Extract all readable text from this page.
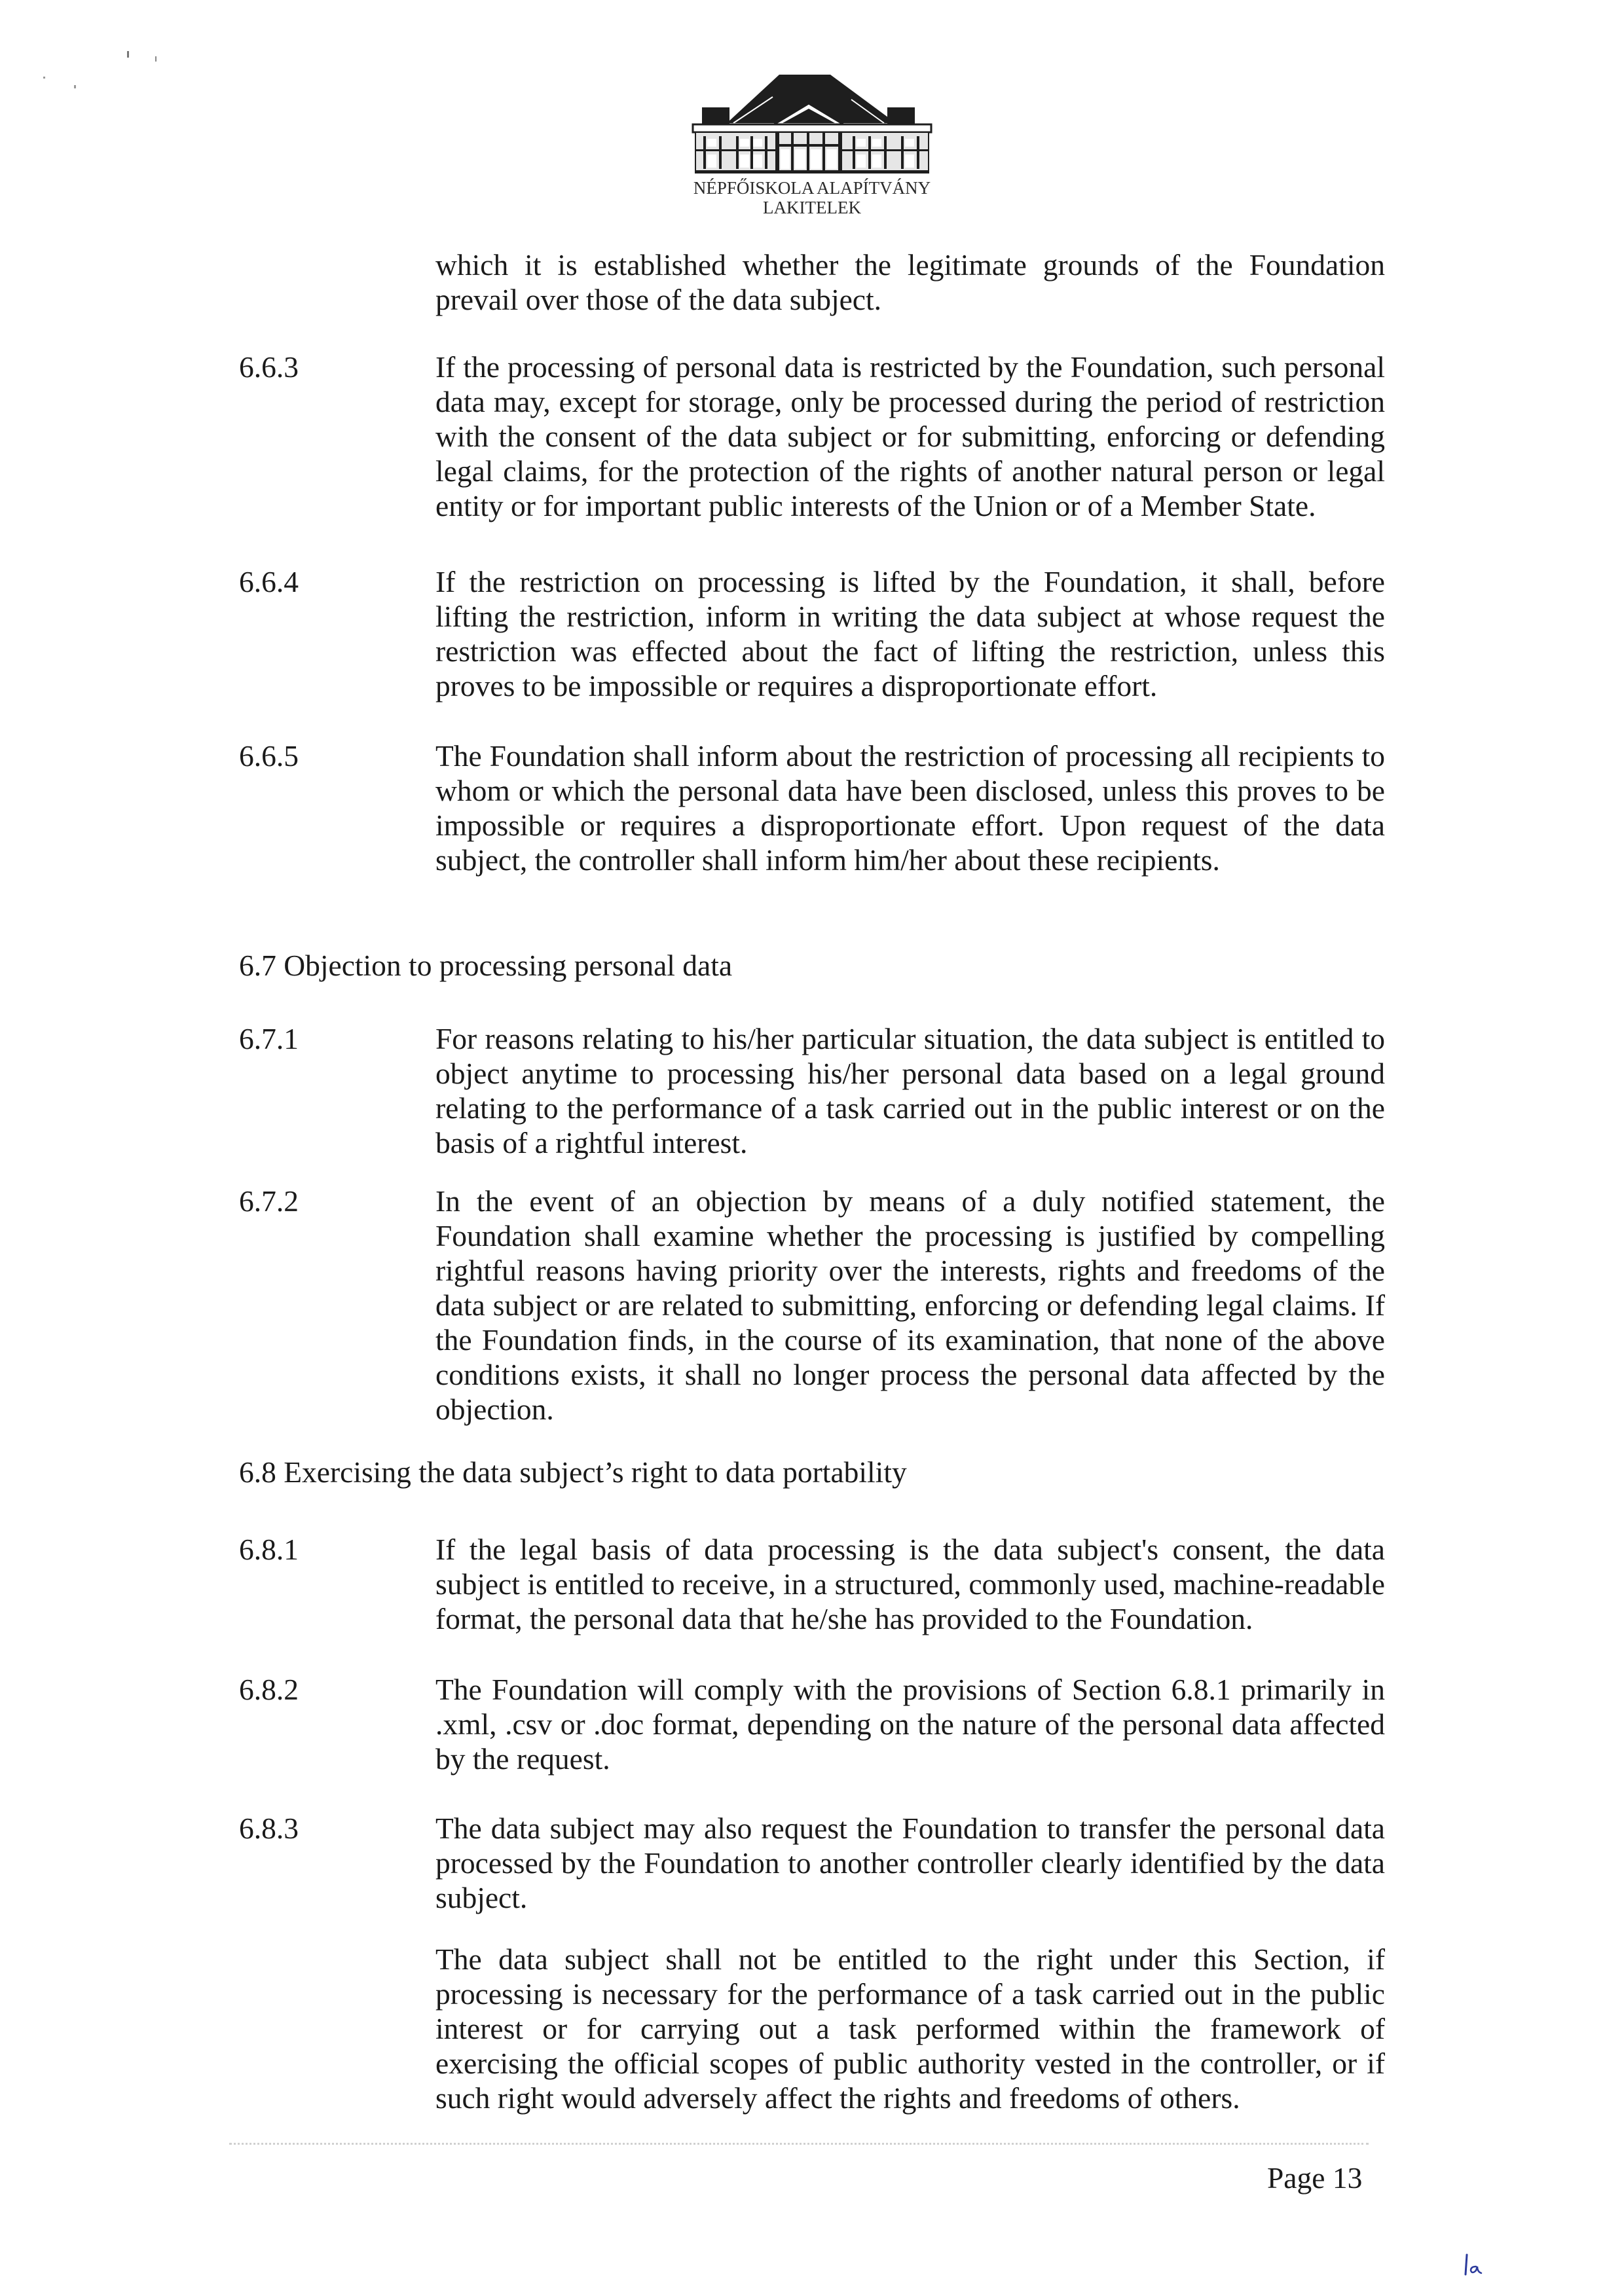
NÉPFŐISKOLA ALAPÍTVÁNY
LAKITELEK
which it is established whether the legitimate grounds of the Foundation prevail over those of the data subject.
6.6.3	If the processing of personal data is restricted by the Foundation, such personal data may, except for storage, only be processed during the period of restriction with the consent of the data subject or for submitting, enforcing or defending legal claims, for the protection of the rights of another natural person or legal entity or for important public interests of the Union or of a Member State.
6.6.4	If the restriction on processing is lifted by the Foundation, it shall, before lifting the restriction, inform in writing the data subject at whose request the restriction was effected about the fact of lifting the restriction, unless this proves to be impossible or requires a disproportionate effort.
6.6.5	The Foundation shall inform about the restriction of processing all recipients to whom or which the personal data have been disclosed, unless this proves to be impossible or requires a disproportionate effort. Upon request of the data subject, the controller shall inform him/her about these recipients.
6.7 Objection to processing personal data
6.7.1	For reasons relating to his/her particular situation, the data subject is entitled to object anytime to processing his/her personal data based on a legal ground relating to the performance of a task carried out in the public interest or on the basis of a rightful interest.
6.7.2	In the event of an objection by means of a duly notified statement, the Foundation shall examine whether the processing is justified by compelling rightful reasons having priority over the interests, rights and freedoms of the data subject or are related to submitting, enforcing or defending legal claims. If the Foundation finds, in the course of its examination, that none of the above conditions exists, it shall no longer process the personal data affected by the objection.
6.8 Exercising the data subject’s right to data portability
6.8.1	If the legal basis of data processing is the data subject's consent, the data subject is entitled to receive, in a structured, commonly used, machine-readable format, the personal data that he/she has provided to the Foundation.
6.8.2	The Foundation will comply with the provisions of Section 6.8.1 primarily in .xml, .csv or .doc format, depending on the nature of the personal data affected by the request.
6.8.3	The data subject may also request the Foundation to transfer the personal data processed by the Foundation to another controller clearly identified by the data subject.
The data subject shall not be entitled to the right under this Section, if processing is necessary for the performance of a task carried out in the public interest or for carrying out a task performed within the framework of exercising the official scopes of public authority vested in the controller, or if such right would adversely affect the rights and freedoms of others.
Page 13
